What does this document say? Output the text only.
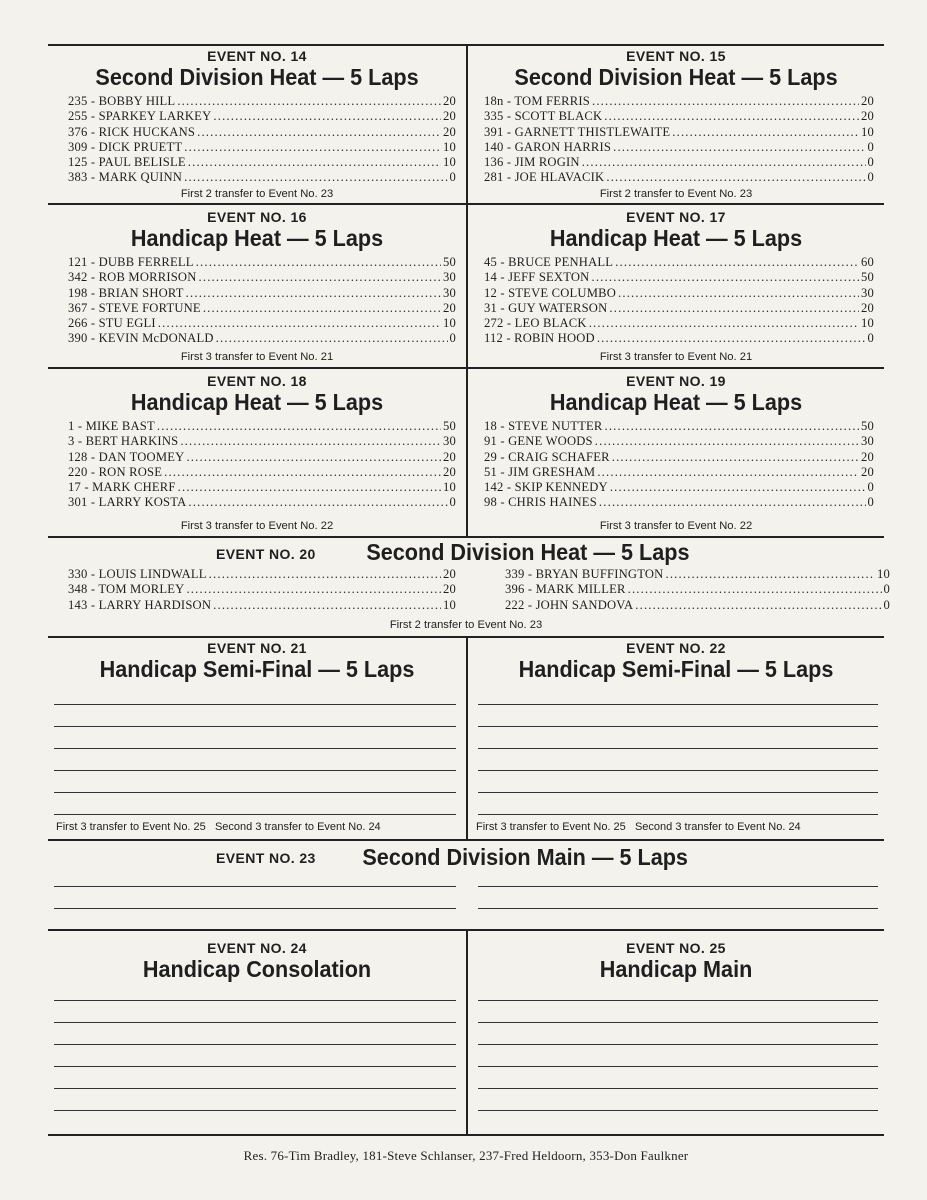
EVENT NO. 14
Second Division Heat — 5 Laps
235 - BOBBY HILL .....	20
255 - SPARKEY LARKEY .....	20
376 - RICK HUCKANS .....	20
309 - DICK PRUETT .....	10
125 - PAUL BELISLE .....	10
383 - MARK QUINN .....	0
First 2 transfer to Event No. 23
EVENT NO. 15
Second Division Heat — 5 Laps
18n - TOM FERRIS .....	20
335 - SCOTT BLACK .....	20
391 - GARNETT THISTLEWAITE .....	10
140 - GARON HARRIS .....	0
136 - JIM ROGIN .....	0
281 - JOE HLAVACIK .....	0
First 2 transfer to Event No. 23
EVENT NO. 16
Handicap Heat — 5 Laps
121 - DUBB FERRELL .....	50
342 - ROB MORRISON .....	30
198 - BRIAN SHORT .....	30
367 - STEVE FORTUNE .....	20
266 - STU EGLI .....	10
390 - KEVIN McDONALD .....	0
First 3 transfer to Event No. 21
EVENT NO. 17
Handicap Heat — 5 Laps
45 - BRUCE PENHALL .....	60
14 - JEFF SEXTON .....	50
12 - STEVE COLUMBO .....	30
31 - GUY WATERSON .....	20
272 - LEO BLACK .....	10
112 - ROBIN HOOD .....	0
First 3 transfer to Event No. 21
EVENT NO. 18
Handicap Heat — 5 Laps
1 - MIKE BAST .....	50
3 - BERT HARKINS .....	30
128 - DAN TOOMEY .....	20
220 - RON ROSE .....	20
17 - MARK CHERF .....	10
301 - LARRY KOSTA .....	0
First 3 transfer to Event No. 22
EVENT NO. 19
Handicap Heat — 5 Laps
18 - STEVE NUTTER .....	50
91 - GENE WOODS .....	30
29 - CRAIG SCHAFER .....	20
51 - JIM GRESHAM .....	20
142 - SKIP KENNEDY .....	0
98 - CHRIS HAINES .....	0
First 3 transfer to Event No. 22
EVENT NO. 20 Second Division Heat — 5 Laps
330 - LOUIS LINDWALL .....	20
348 - TOM MORLEY .....	20
143 - LARRY HARDISON .....	10
339 - BRYAN BUFFINGTON .....	10
396 - MARK MILLER .....	0
222 - JOHN SANDOVA .....	0
First 2 transfer to Event No. 23
EVENT NO. 21
Handicap Semi-Final — 5 Laps
First 3 transfer to Event No. 25 Second 3 transfer to Event No. 24
EVENT NO. 22
Handicap Semi-Final — 5 Laps
First 3 transfer to Event No. 25 Second 3 transfer to Event No. 24
EVENT NO. 23 Second Division Main — 5 Laps
EVENT NO. 24
Handicap Consolation
EVENT NO. 25
Handicap Main
Res. 76-Tim Bradley, 181-Steve Schlanser, 237-Fred Heldoorn, 353-Don Faulkner
